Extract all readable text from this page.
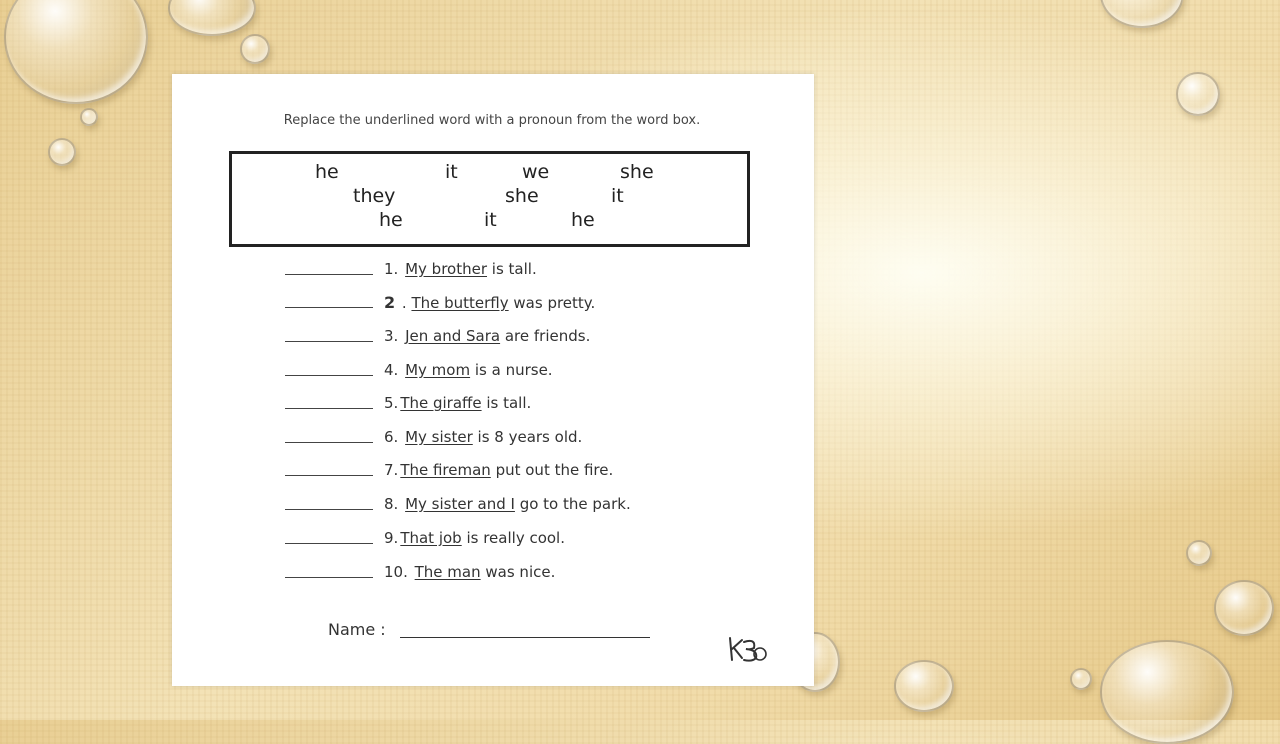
Replace the underlined word with a pronoun from the word box.
he	it	we	she
they	she	it
he	it	he
1. My brother is tall.
2 . The butterfly was pretty.
3. Jen and Sara are friends.
4. My mom is a nurse.
5. The giraffe is tall.
6. My sister is 8 years old.
7. The fireman put out the fire.
8. My sister and I go to the park.
9. That job is really cool.
10. The man was nice.
Name :
